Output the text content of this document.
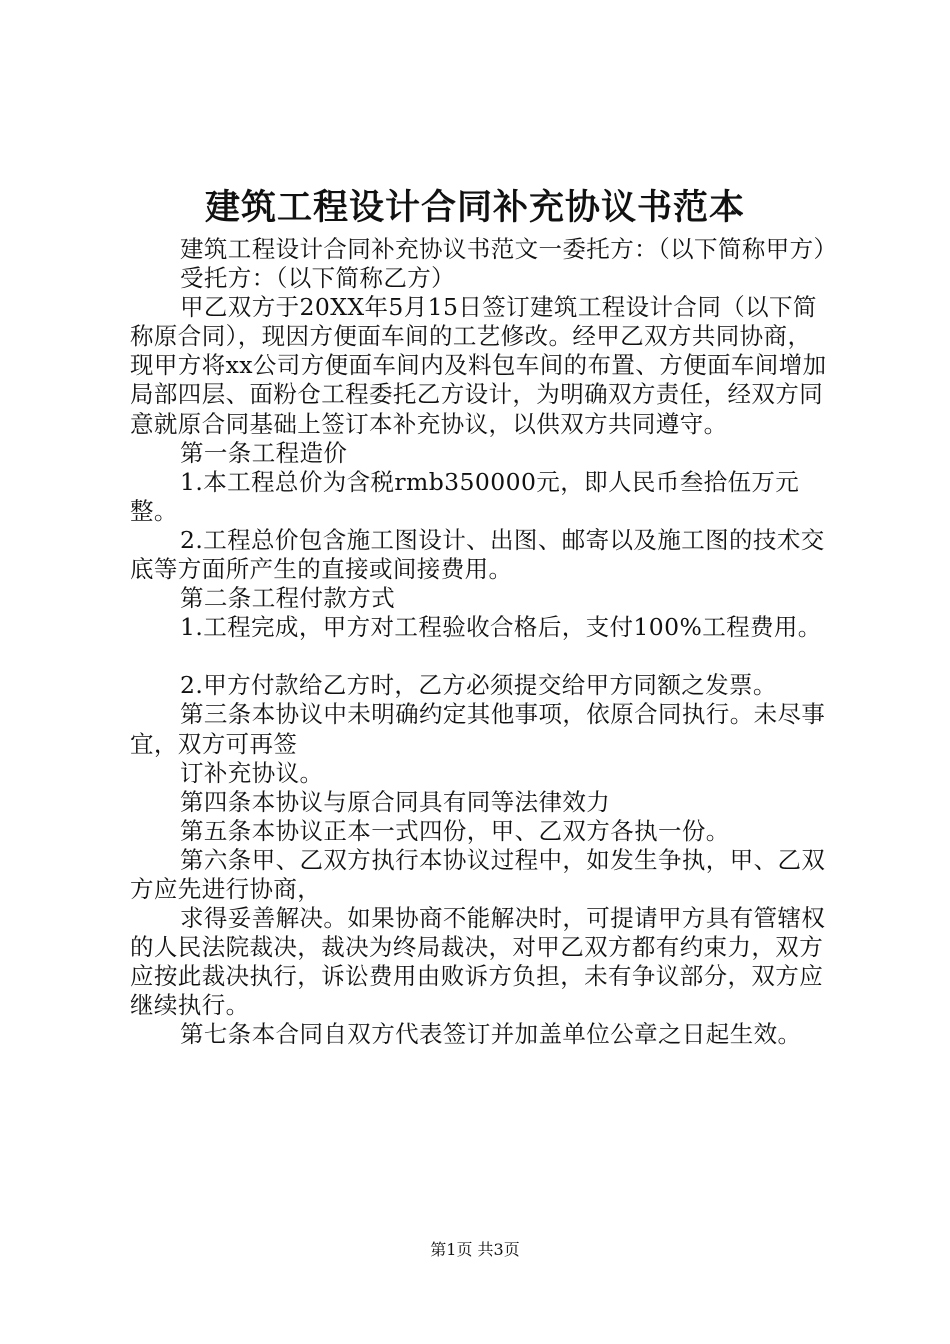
建筑工程设计合同补充协议书范本

建筑工程设计合同补充协议书范文一委托方：（以下简称甲方）

受托方：（以下简称乙方）

甲乙双方于20XX年5月15日签订建筑工程设计合同（以下简称原合同），现因方便面车间的工艺修改。经甲乙双方共同协商，现甲方将xx公司方便面车间内及料包车间的布置、方便面车间增加局部四层、面粉仓工程委托乙方设计，为明确双方责任，经双方同意就原合同基础上签订本补充协议，以供双方共同遵守。

第一条工程造价

1.本工程总价为含税rmb350000元，即人民币叁拾伍万元整。

2.工程总价包含施工图设计、出图、邮寄以及施工图的技术交底等方面所产生的直接或间接费用。

第二条工程付款方式

1.工程完成，甲方对工程验收合格后，支付100%工程费用。

2.甲方付款给乙方时，乙方必须提交给甲方同额之发票。

第三条本协议中未明确约定其他事项，依原合同执行。未尽事宜，双方可再签

订补充协议。

第四条本协议与原合同具有同等法律效力

第五条本协议正本一式四份，甲、乙双方各执一份。

第六条甲、乙双方执行本协议过程中，如发生争执，甲、乙双方应先进行协商，

求得妥善解决。如果协商不能解决时，可提请甲方具有管辖权的人民法院裁决，裁决为终局裁决，对甲乙双方都有约束力，双方应按此裁决执行，诉讼费用由败诉方负担，未有争议部分，双方应继续执行。

第七条本合同自双方代表签订并加盖单位公章之日起生效。

第1页 共3页
